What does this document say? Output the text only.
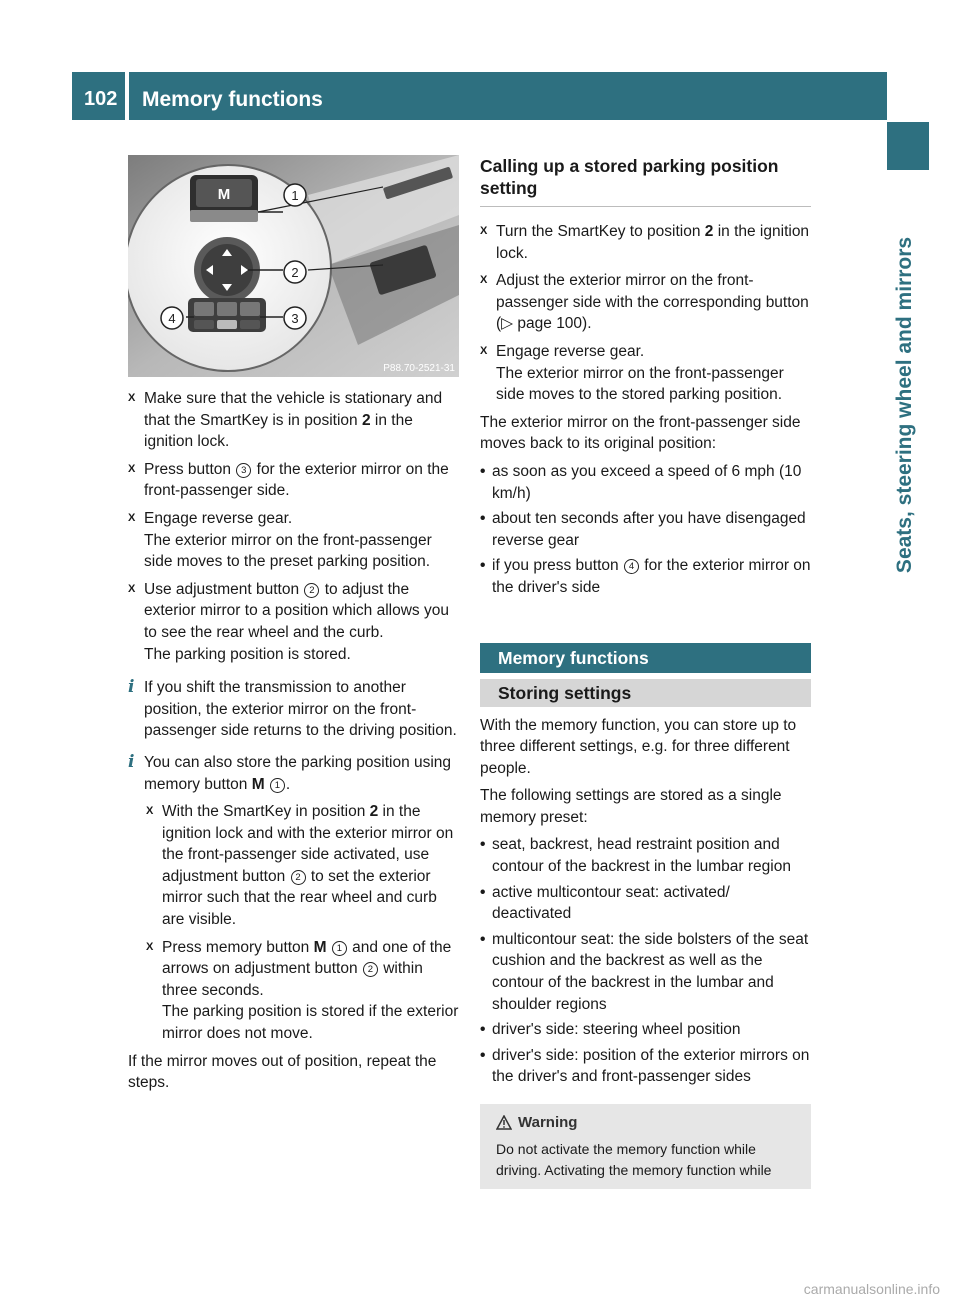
102 Memory functions
Seats, steering wheel and mirrors
M	1
2
3
4
P88.70-2521-31
X Make sure that the vehicle is stationary and that the SmartKey is in position 2 in the ignition lock.
X Press button 3 for the exterior mirror on the front-passenger side.
X Engage reverse gear.
The exterior mirror on the front-passenger side moves to the preset parking position.
X Use adjustment button 2 to adjust the exterior mirror to a position which allows you to see the rear wheel and the curb.
The parking position is stored.
i If you shift the transmission to another position, the exterior mirror on the front-passenger side returns to the driving position.
i You can also store the parking position using memory button M 1 .
X With the SmartKey in position 2 in the ignition lock and with the exterior mirror on the front-passenger side activated, use adjustment button 2 to set the exterior mirror such that the rear wheel and curb are visible.
X Press memory button M 1 and one of the arrows on adjustment button 2 within three seconds.
The parking position is stored if the exterior mirror does not move.

If the mirror moves out of position, repeat the steps.

Calling up a stored parking position setting
X Turn the SmartKey to position 2 in the ignition lock.
X Adjust the exterior mirror on the front-passenger side with the corresponding button (▷ page 100).
X Engage reverse gear.
The exterior mirror on the front-passenger side moves to the stored parking position.

The exterior mirror on the front-passenger side moves back to its original position:

• as soon as you exceed a speed of 6 mph (10 km/h)
• about ten seconds after you have disengaged reverse gear
• if you press button 4 for the exterior mirror on the driver's side
Memory functions
Storing settings

With the memory function, you can store up to three different settings, e.g. for three different people.

The following settings are stored as a single memory preset:

• seat, backrest, head restraint position and contour of the backrest in the lumbar region
• active multicontour seat: activated/ deactivated
• multicontour seat: the side bolsters of the seat cushion and the backrest as well as the contour of the backrest in the lumbar and shoulder regions
• driver's side: steering wheel position
• driver's side: position of the exterior mirrors on the driver's and front-passenger sides
Warning
Do not activate the memory function while driving. Activating the memory function while
carmanualsonline.info
